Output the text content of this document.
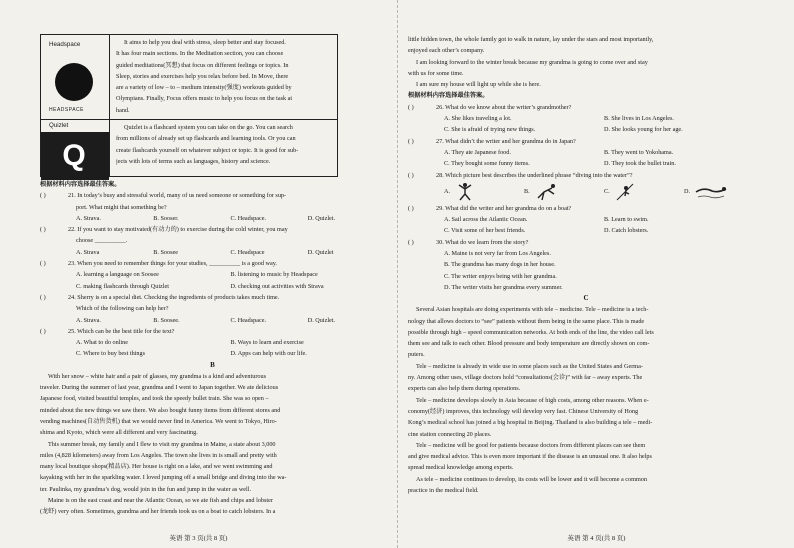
Headspace
HEADSPACE
It aims to help you deal with stress, sleep better and stay focused.
It has four main sections. In the Meditation section, you can choose
guided meditations(冥想) that focus on different feelings or topics. In
Sleep, stories and exercises help you relax before bed. In Move, there
are a variety of low – to – medium intensity(强度) workouts guided by
Olympians. Finally, Focus offers music to help you focus on the task at
hand.
Quizlet
Q
Quizlet is a flashcard system you can take on the go. You can search
from millions of already set up flashcards and learning tools. Or you can
create flashcards yourself on whatever subject or topic. It is good for sub-
jects with lots of terms such as languages, history and science.
根据材料内容选择最佳答案。
( )	21. In today’s busy and stressful world, many of us need someone or something for sup-
port. What might that something be?
A. Strava.	B. Sooser.	C. Headspace.	D. Quizlet.
( )	22. If you want to stay motivated(有动力的) to exercise during the cold winter, you may
choose __________.
A. Strava	B. Soosee	C. Headspace	D. Quizlet
( )	23. When you need to remember things for your studies, __________ is a good way.
A. learning a language on Soosee	B. listening to music by Headspace
C. making flashcards through Quizlet	D. checking out activities with Strava
( )	24. Sherry is on a special diet. Checking the ingredients of products takes much time.
Which of the following can help her?
A. Strava.	B. Soosee.	C. Headspace.	D. Quizlet.
( )	25. Which can be the best title for the text?
A. What to do online	B. Ways to learn and exercise
C. Where to buy best things	D. Apps can help with our life.
B
With her snow – white hair and a pair of glasses, my grandma is a kind and adventurous
traveler. During the summer of last year, grandma and I went to Japan together. We ate delicious
Japanese food, visited beautiful temples, and took the speedy bullet train. She was so open –
minded about the new things we saw there. We also bought funny items from different stores and
vending machines(自动售货机) that we would never find in America. We went to Tokyo, Hiro-
shima and Kyoto, which were all different and very fascinating.
This summer break, my family and I flew to visit my grandma in Maine, a state about 3,000
miles (4,828 kilometers) away from Los Angeles. The town she lives in is small and pretty with
many local boutique shops(精品店). Her house is right on a lake, and we went swimming and
kayaking with her in the sparkling water. I loved jumping off a small bridge and diving into the wa-
ter. Paulinka, my grandma’s dog, would join in the fun and jump in the water as well.
Maine is on the east coast and near the Atlantic Ocean, so we ate fish and chips and lobster
(龙虾) very often. Sometimes, grandma and her friends took us on a boat to catch lobsters. In a
英语 第 3 页(共 8 页)
little hidden town, the whole family got to walk in nature, lay under the stars and most importantly,
enjoyed each other’s company.
I am looking forward to the winter break because my grandma is going to come over and stay
with us for some time.
I am sure my house will light up while she is here.
根据材料内容选择最佳答案。
( )	26. What do we know about the writer’s grandmother?
A. She likes traveling a lot.	B. She lives in Los Angeles.
C. She is afraid of trying new things.	D. She looks young for her age.
( )	27. What didn’t the writer and her grandma do in Japan?
A. They ate Japanese food.	B. They went to Yokohama.
C. They bought some funny items.	D. They took the bullet train.
( )	28. Which picture best describes the underlined phrase “diving into the water”?
A.	B.	C.	D.
( )	29. What did the writer and her grandma do on a boat?
A. Sail across the Atlantic Ocean.	B. Learn to swim.
C. Visit some of her best friends.	D. Catch lobsters.
( )	30. What do we learn from the story?
A. Maine is not very far from Los Angeles.
B. The grandma has many dogs in her house.
C. The writer enjoys being with her grandma.
D. The writer visits her grandma every summer.
C
Several Asian hospitals are doing experiments with tele – medicine. Tele – medicine is a tech-
nology that allows doctors to “see” patients without them being in the same place. This is made
possible through high – speed communication networks. At both ends of the line, the video call lets
them see and talk to each other. Blood pressure and body temperature are directly shown on com-
puters.
Tele – medicine is already in wide use in some places such as the United States and Germa-
ny. Among other uses, village doctors hold “consultations(会诊)” with far – away experts. The
experts can also help them during operations.
Tele – medicine develops slowly in Asia because of high costs, among other reasons. When e-
conomy(经济) improves, this technology will develop very fast. Chinese University of Hong
Kong’s medical school has joined a big hospital in Beijing. Thailand is also building a tele – medi-
cine station connecting 20 places.
Tele – medicine will be good for patients because doctors from different places can see them
and give medical advice. This is even more important if the disease is an unusual one. It also helps
spread medical knowledge among experts.
As tele – medicine continues to develop, its costs will be lower and it will become a common
practice in the medical field.
英语 第 4 页(共 8 页)
